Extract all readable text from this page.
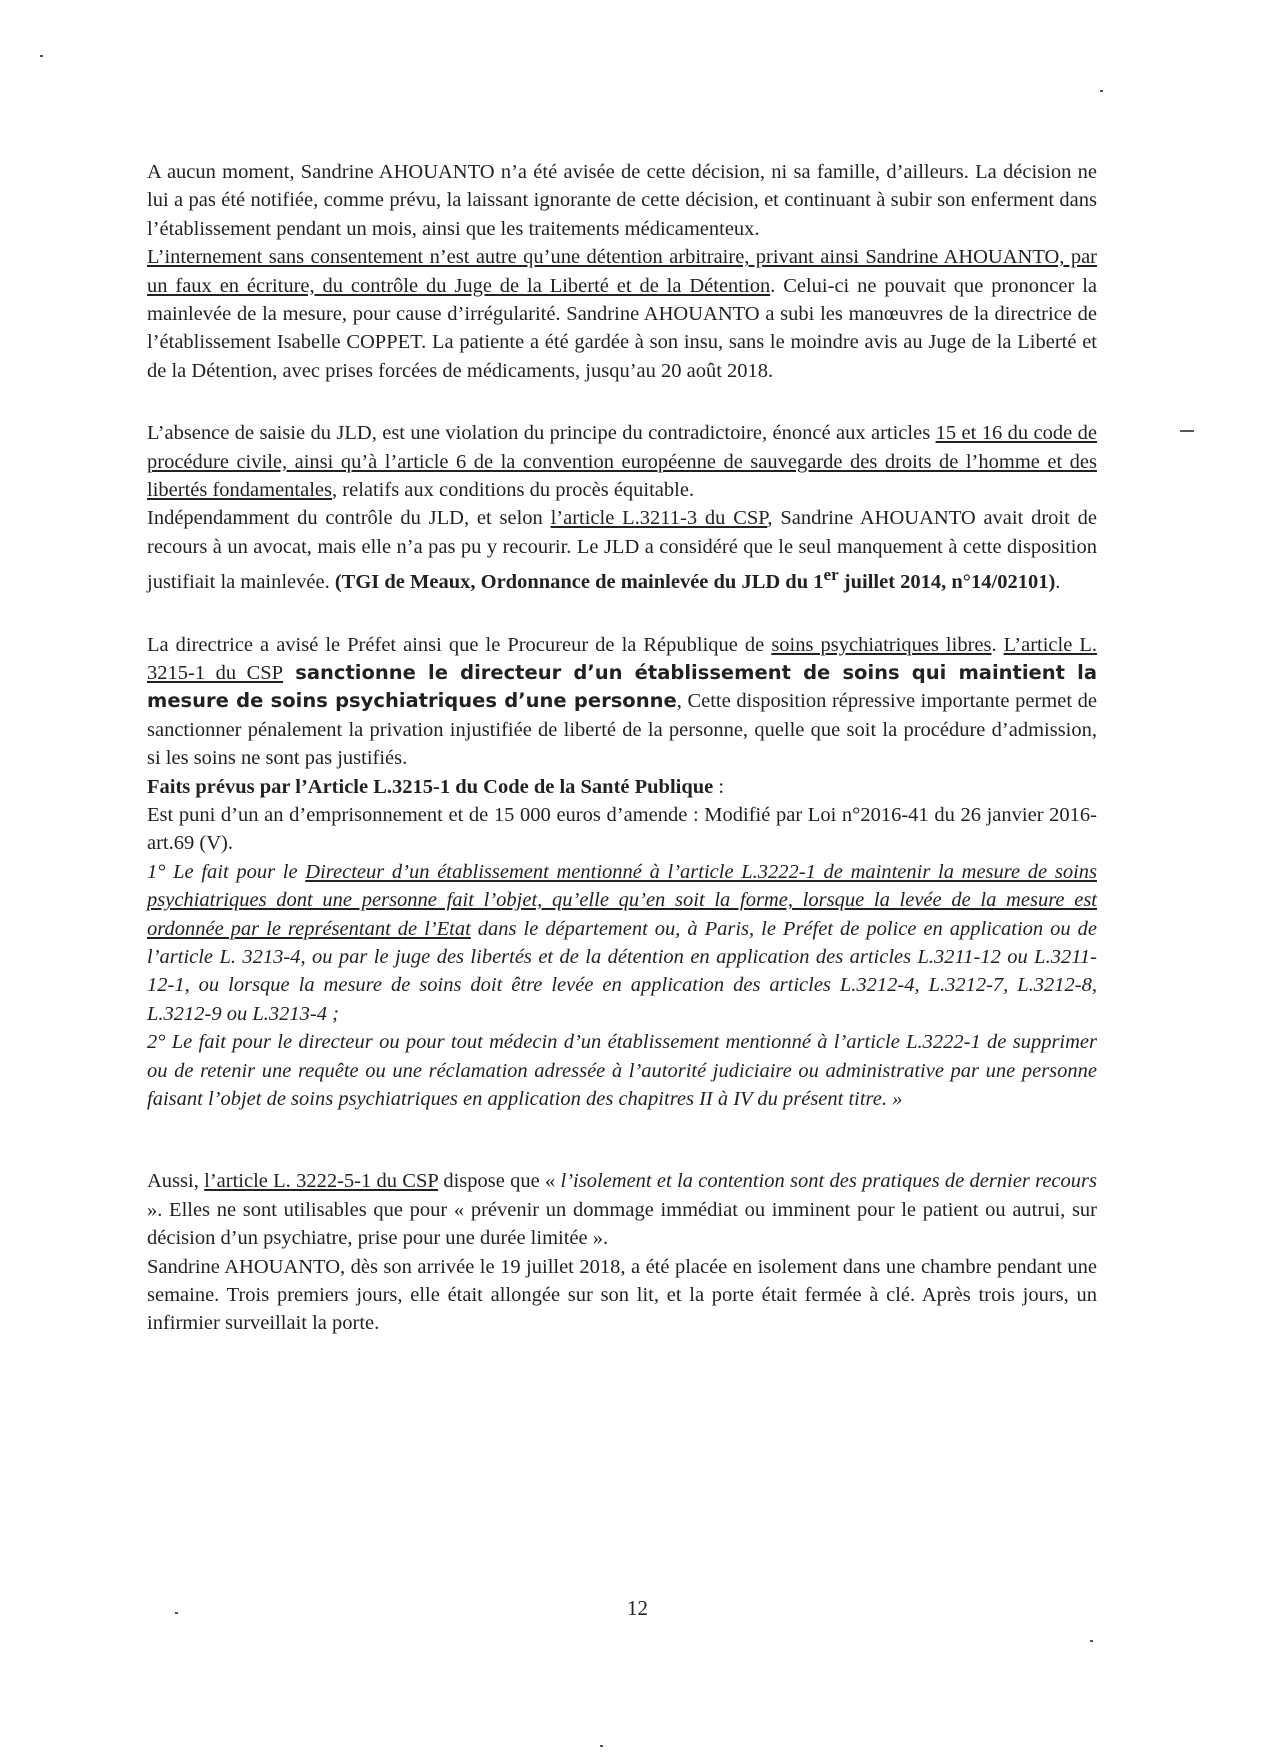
A aucun moment, Sandrine AHOUANTO n’a été avisée de cette décision, ni sa famille, d’ailleurs. La décision ne lui a pas été notifiée, comme prévu, la laissant ignorante de cette décision, et continuant à subir son enferment dans l’établissement pendant un mois, ainsi que les traitements médicamenteux.

L’internement sans consentement n’est autre qu’une détention arbitraire, privant ainsi Sandrine AHOUANTO, par un faux en écriture, du contrôle du Juge de la Liberté et de la Détention. Celui-ci ne pouvait que prononcer la mainlevée de la mesure, pour cause d’irrégularité. Sandrine AHOUANTO a subi les manœuvres de la directrice de l’établissement Isabelle COPPET. La patiente a été gardée à son insu, sans le moindre avis au Juge de la Liberté et de la Détention, avec prises forcées de médicaments, jusqu’au 20 août 2018.

L’absence de saisie du JLD, est une violation du principe du contradictoire, énoncé aux articles 15 et 16 du code de procédure civile, ainsi qu’à l’article 6 de la convention européenne de sauvegarde des droits de l’homme et des libertés fondamentales, relatifs aux conditions du procès équitable.

Indépendamment du contrôle du JLD, et selon l’article L.3211-3 du CSP, Sandrine AHOUANTO avait droit de recours à un avocat, mais elle n’a pas pu y recourir. Le JLD a considéré que le seul manquement à cette disposition justifiait la mainlevée. (TGI de Meaux, Ordonnance de mainlevée du JLD du 1er juillet 2014, n°14/02101).

La directrice a avisé le Préfet ainsi que le Procureur de la République de soins psychiatriques libres. L’article L. 3215-1 du CSP sanctionne le directeur d’un établissement de soins qui maintient la mesure de soins psychiatriques d’une personne, Cette disposition répressive importante permet de sanctionner pénalement la privation injustifiée de liberté de la personne, quelle que soit la procédure d’admission, si les soins ne sont pas justifiés.

Faits prévus par l’Article L.3215-1 du Code de la Santé Publique :

Est puni d’un an d’emprisonnement et de 15 000 euros d’amende : Modifié par Loi n°2016-41 du 26 janvier 2016-art.69 (V).

1° Le fait pour le Directeur d’un établissement mentionné à l’article L.3222-1 de maintenir la mesure de soins psychiatriques dont une personne fait l’objet, qu’elle qu’en soit la forme, lorsque la levée de la mesure est ordonnée par le représentant de l’Etat dans le département ou, à Paris, le Préfet de police en application ou de l’article L. 3213-4, ou par le juge des libertés et de la détention en application des articles L.3211-12 ou L.3211-12-1, ou lorsque la mesure de soins doit être levée en application des articles L.3212-4, L.3212-7, L.3212-8, L.3212-9 ou L.3213-4 ;

2° Le fait pour le directeur ou pour tout médecin d’un établissement mentionné à l’article L.3222-1 de supprimer ou de retenir une requête ou une réclamation adressée à l’autorité judiciaire ou administrative par une personne faisant l’objet de soins psychiatriques en application des chapitres II à IV du présent titre. »

Aussi, l’article L. 3222-5-1 du CSP dispose que « l’isolement et la contention sont des pratiques de dernier recours ». Elles ne sont utilisables que pour « prévenir un dommage immédiat ou imminent pour le patient ou autrui, sur décision d’un psychiatre, prise pour une durée limitée ».

Sandrine AHOUANTO, dès son arrivée le 19 juillet 2018, a été placée en isolement dans une chambre pendant une semaine. Trois premiers jours, elle était allongée sur son lit, et la porte était fermée à clé. Après trois jours, un infirmier surveillait la porte.

12
